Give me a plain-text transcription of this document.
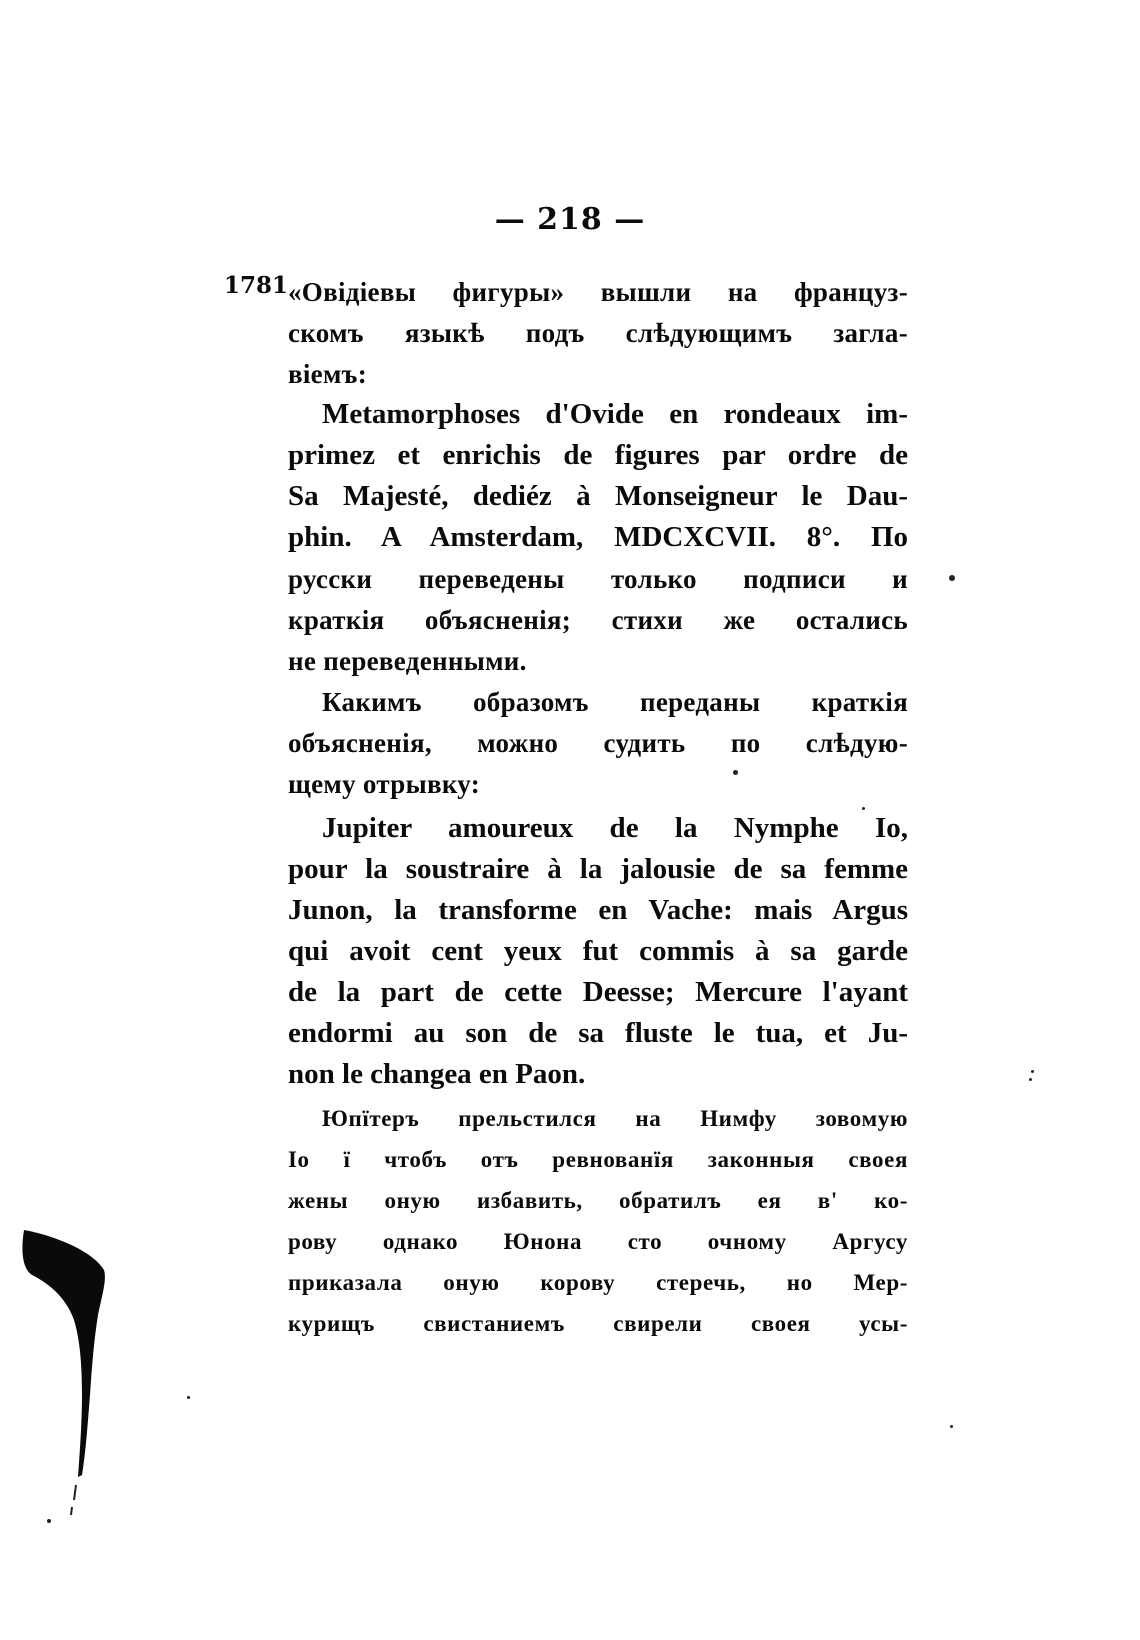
— 218 —
1781 «Овідіевы фигуры» вышли на француз-
скомъ языкѣ подъ слѣдующимъ загла-
віемъ:
Metamorphoses d'Ovide en rondeaux im-
primez et enrichis de figures par ordre de
Sa Majesté, dediéz à Monseigneur le Dau-
phin. A Amsterdam, MDCXCVII. 8°. По
русски переведены только подписи и
краткія объясненія; стихи же остались
не переведенными.
Какимъ образомъ переданы краткія
объясненія, можно судить по слѣдую-
щему отрывку:
Jupiter amoureux de la Nymphe Io,
pour la soustraire à la jalousie de sa femme
Junon, la transforme en Vache: mais Argus
qui avoit cent yeux fut commis à sa garde
de la part de cette Deesse; Mercure l'ayant
endormi au son de sa fluste le tua, et Ju-
non le changea en Paon.
Юпїтеръ прельстился на Нимфу зовомую
Іо ї чтобъ отъ ревнованїя законныя своея
жены оную избавить, обратилъ ея в' ко-
рову однако Юнона сто очному Аргусу
приказала оную корову стеречь, но Мер-
курищъ свистаниемъ свирели своея усы-
